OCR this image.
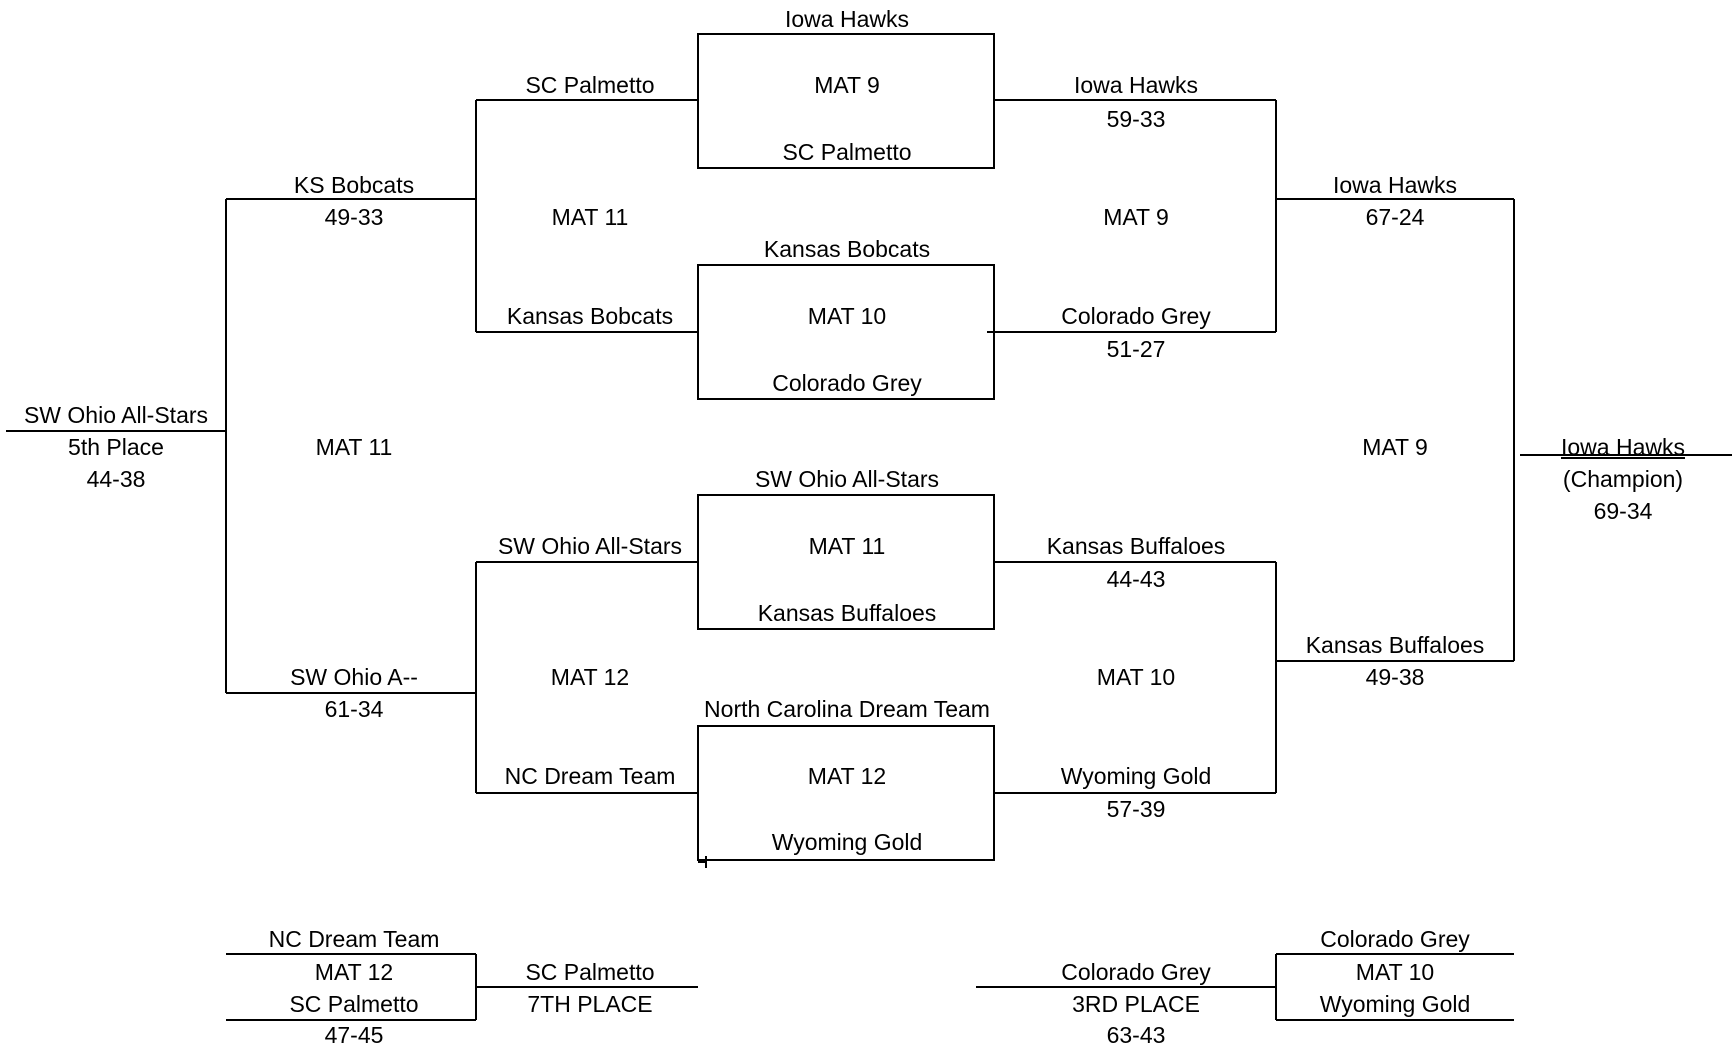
Iowa Hawks
SC Palmetto	MAT 9	Iowa Hawks
59-33
SC Palmetto
KS Bobcats
49-33
Iowa Hawks
67-24
MAT 11	MAT 9
Kansas Bobcats
Kansas Bobcats	MAT 10	Colorado Grey
51-27
Colorado Grey
SW Ohio All-Stars
5th Place
44-38
MAT 11	MAT 9	Iowa Hawks
(Champion)
69-34
SW Ohio All-Stars
SW Ohio All-Stars	MAT 11	Kansas Buffaloes
44-43
Kansas Buffaloes
Kansas Buffaloes
49-38
SW Ohio A--
61-34
MAT 12	MAT 10
North Carolina Dream Team
NC Dream Team	MAT 12	Wyoming Gold
57-39
Wyoming Gold
NC Dream Team
MAT 12
SC Palmetto
47-45
SC Palmetto
7TH PLACE
Colorado Grey
MAT 10
Wyoming Gold
Colorado Grey
3RD PLACE
63-43
